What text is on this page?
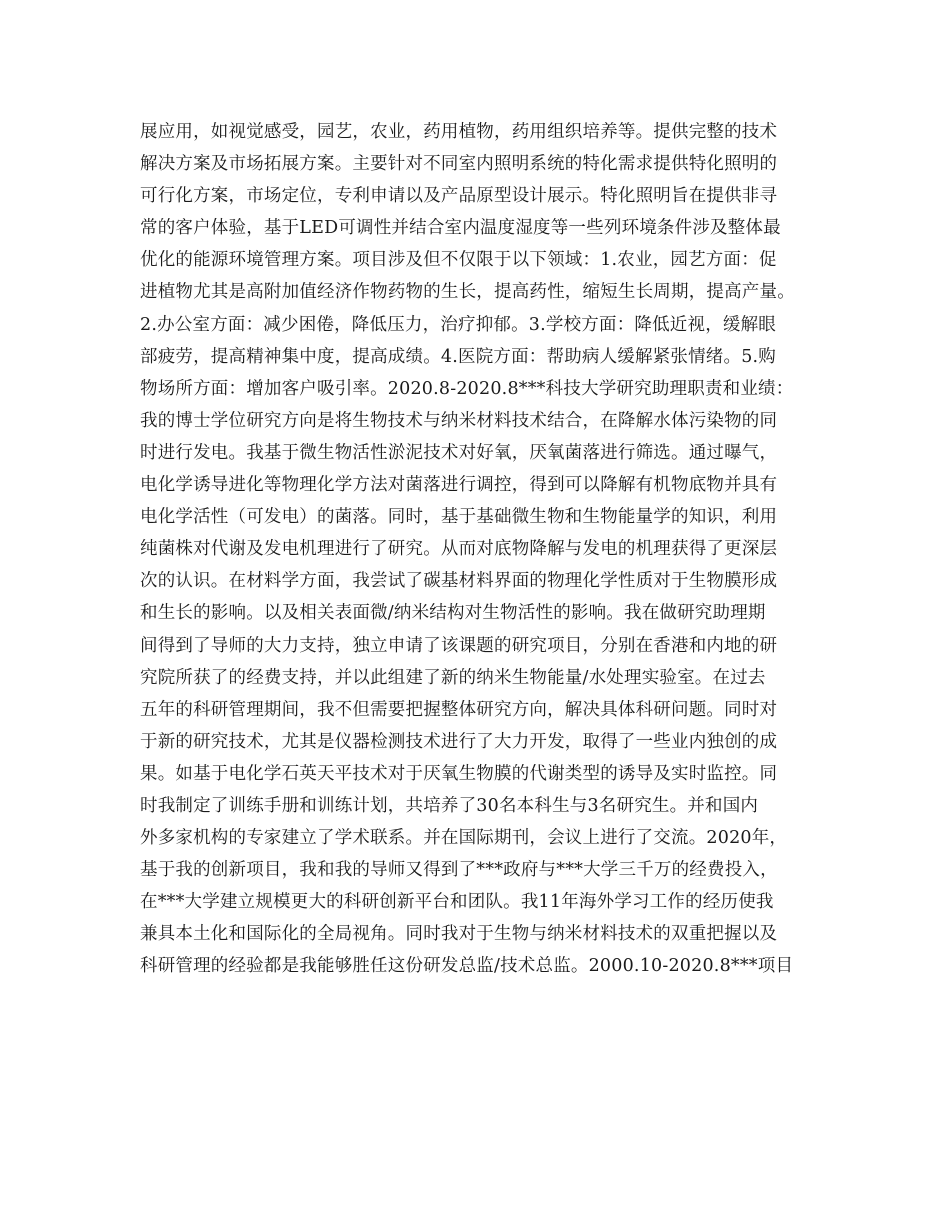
展应用，如视觉感受，园艺，农业，药用植物，药用组织培养等。提供完整的技术
解决方案及市场拓展方案。主要针对不同室内照明系统的特化需求提供特化照明的
可行化方案，市场定位，专利申请以及产品原型设计展示。特化照明旨在提供非寻
常的客户体验，基于LED可调性并结合室内温度湿度等一些列环境条件涉及整体最
优化的能源环境管理方案。项目涉及但不仅限于以下领域：1.农业，园艺方面：促
进植物尤其是高附加值经济作物药物的生长，提高药性，缩短生长周期，提高产量。
2.办公室方面：减少困倦，降低压力，治疗抑郁。3.学校方面：降低近视，缓解眼
部疲劳，提高精神集中度，提高成绩。4.医院方面：帮助病人缓解紧张情绪。5.购
物场所方面：增加客户吸引率。2020.8-2020.8***科技大学研究助理职责和业绩：
我的博士学位研究方向是将生物技术与纳米材料技术结合，在降解水体污染物的同
时进行发电。我基于微生物活性淤泥技术对好氧，厌氧菌落进行筛选。通过曝气，
电化学诱导进化等物理化学方法对菌落进行调控，得到可以降解有机物底物并具有
电化学活性（可发电）的菌落。同时，基于基础微生物和生物能量学的知识，利用
纯菌株对代谢及发电机理进行了研究。从而对底物降解与发电的机理获得了更深层
次的认识。在材料学方面，我尝试了碳基材料界面的物理化学性质对于生物膜形成
和生长的影响。以及相关表面微/纳米结构对生物活性的影响。我在做研究助理期
间得到了导师的大力支持，独立申请了该课题的研究项目，分别在香港和内地的研
究院所获了的经费支持，并以此组建了新的纳米生物能量/水处理实验室。在过去
五年的科研管理期间，我不但需要把握整体研究方向，解决具体科研问题。同时对
于新的研究技术，尤其是仪器检测技术进行了大力开发，取得了一些业内独创的成
果。如基于电化学石英天平技术对于厌氧生物膜的代谢类型的诱导及实时监控。同
时我制定了训练手册和训练计划，共培养了30名本科生与3名研究生。并和国内
外多家机构的专家建立了学术联系。并在国际期刊，会议上进行了交流。2020年，
基于我的创新项目，我和我的导师又得到了***政府与***大学三千万的经费投入，
在***大学建立规模更大的科研创新平台和团队。我11年海外学习工作的经历使我
兼具本土化和国际化的全局视角。同时我对于生物与纳米材料技术的双重把握以及
科研管理的经验都是我能够胜任这份研发总监/技术总监。2000.10-2020.8***项目
